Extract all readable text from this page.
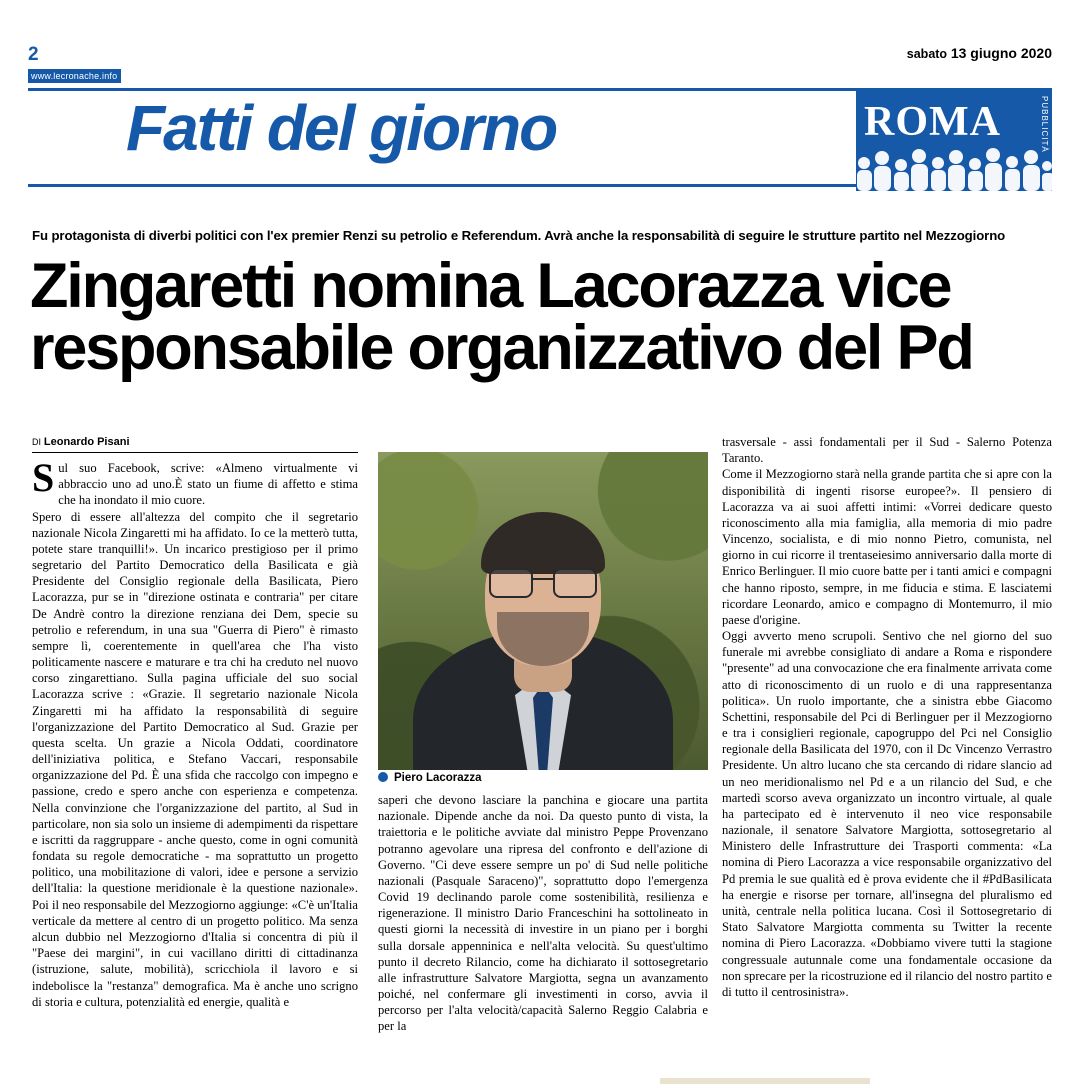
2
www.lecronache.info
sabato 13 giugno 2020
Fatti del giorno	ROMA	PUBBLICITÀ
Fu protagonista di diverbi politici con l'ex premier Renzi su petrolio e Referendum. Avrà anche la responsabilità di seguire le strutture partito nel Mezzogiorno
Zingaretti nomina Lacorazza vice responsabile organizzativo del Pd
DI Leonardo Pisani

Sul suo Facebook, scrive: «Almeno virtualmente vi abbraccio uno ad uno.È stato un fiume di affetto e stima che ha inondato il mio cuore.

Spero di essere all'altezza del compito che il segretario nazionale Nicola Zingaretti mi ha affidato. Io ce la metterò tutta, potete stare tranquilli!». Un incarico prestigioso per il primo segretario del Partito Democratico della Basilicata e già Presidente del Consiglio regionale della Basilicata, Piero Lacorazza, pur se in "direzione ostinata e contraria" per citare De Andrè contro la direzione renziana dei Dem, specie su petrolio e referendum, in una sua "Guerra di Piero" è rimasto sempre lì, coerentemente in quell'area che l'ha visto politicamente nascere e maturare e tra chi ha creduto nel nuovo corso zingarettiano. Sulla pagina ufficiale del suo social Lacorazza scrive : «Grazie. Il segretario nazionale Nicola Zingaretti mi ha affidato la responsabilità di seguire l'organizzazione del Partito Democratico al Sud. Grazie per questa scelta. Un grazie a Nicola Oddati, coordinatore dell'iniziativa politica, e Stefano Vaccari, responsabile organizzazione del Pd. È una sfida che raccolgo con impegno e passione, credo e spero anche con esperienza e competenza. Nella convinzione che l'organizzazione del partito, al Sud in particolare, non sia solo un insieme di adempimenti da rispettare e iscritti da raggruppare - anche questo, come in ogni comunità fondata su regole democratiche - ma soprattutto un progetto politico, una mobilitazione di valori, idee e persone a servizio dell'Italia: la questione meridionale è la questione nazionale». Poi il neo responsabile del Mezzogiorno aggiunge: «C'è un'Italia verticale da mettere al centro di un progetto politico. Ma senza alcun dubbio nel Mezzogiorno d'Italia si concentra di più il "Paese dei margini", in cui vacillano diritti di cittadinanza (istruzione, salute, mobilità), scricchiola il lavoro e si indebolisce la "restanza" demografica. Ma è anche uno scrigno di storia e cultura, potenzialità ed energie, qualità e

Piero Lacorazza

saperi che devono lasciare la panchina e giocare una partita nazionale. Dipende anche da noi. Da questo punto di vista, la traiettoria e le politiche avviate dal ministro Peppe Provenzano potranno agevolare una ripresa del confronto e dell'azione di Governo. "Ci deve essere sempre un po' di Sud nelle politiche nazionali (Pasquale Saraceno)", soprattutto dopo l'emergenza Covid 19 declinando parole come sostenibilità, resilienza e rigenerazione. Il ministro Dario Franceschini ha sottolineato in questi giorni la necessità di investire in un piano per i borghi sulla dorsale appenninica e nell'alta velocità. Su quest'ultimo punto il decreto Rilancio, come ha dichiarato il sottosegretario alle infrastrutture Salvatore Margiotta, segna un avanzamento poiché, nel confermare gli investimenti in corso, avvia il percorso per l'alta velocità/capacità Salerno Reggio Calabria e per la

trasversale - assi fondamentali per il Sud - Salerno Potenza Taranto.

Come il Mezzogiorno starà nella grande partita che si apre con la disponibilità di ingenti risorse europee?». Il pensiero di Lacorazza va ai suoi affetti intimi: «Vorrei dedicare questo riconoscimento alla mia famiglia, alla memoria di mio padre Vincenzo, socialista, e di mio nonno Pietro, comunista, nel giorno in cui ricorre il trentaseiesimo anniversario dalla morte di Enrico Berlinguer. Il mio cuore batte per i tanti amici e compagni che hanno riposto, sempre, in me fiducia e stima. E lasciatemi ricordare Leonardo, amico e compagno di Montemurro, il mio paese d'origine.

Oggi avverto meno scrupoli. Sentivo che nel giorno del suo funerale mi avrebbe consigliato di andare a Roma e rispondere "presente" ad una convocazione che era finalmente arrivata come atto di riconoscimento di un ruolo e di una rappresentanza politica». Un ruolo importante, che a sinistra ebbe Giacomo Schettini, responsabile del Pci di Berlinguer per il Mezzogiorno e tra i consiglieri regionale, capogruppo del Pci nel Consiglio regionale della Basilicata del 1970, con il Dc Vincenzo Verrastro Presidente. Un altro lucano che sta cercando di ridare slancio ad un neo meridionalismo nel Pd e a un rilancio del Sud, e che martedì scorso aveva organizzato un incontro virtuale, al quale ha partecipato ed è intervenuto il neo vice responsabile nazionale, il senatore Salvatore Margiotta, sottosegretario al Ministero delle Infrastrutture dei Trasporti commenta: «La nomina di Piero Lacorazza a vice responsabile organizzativo del Pd premia le sue qualità ed è prova evidente che il #PdBasilicata ha energie e risorse per tornare, all'insegna del pluralismo ed unità, centrale nella politica lucana. Così il Sottosegretario di Stato Salvatore Margiotta commenta su Twitter la recente nomina di Piero Lacorazza. «Dobbiamo vivere tutti la stagione congressuale autunnale come una fondamentale occasione da non sprecare per la ricostruzione ed il rilancio del nostro partito e di tutto il centrosinistra».
